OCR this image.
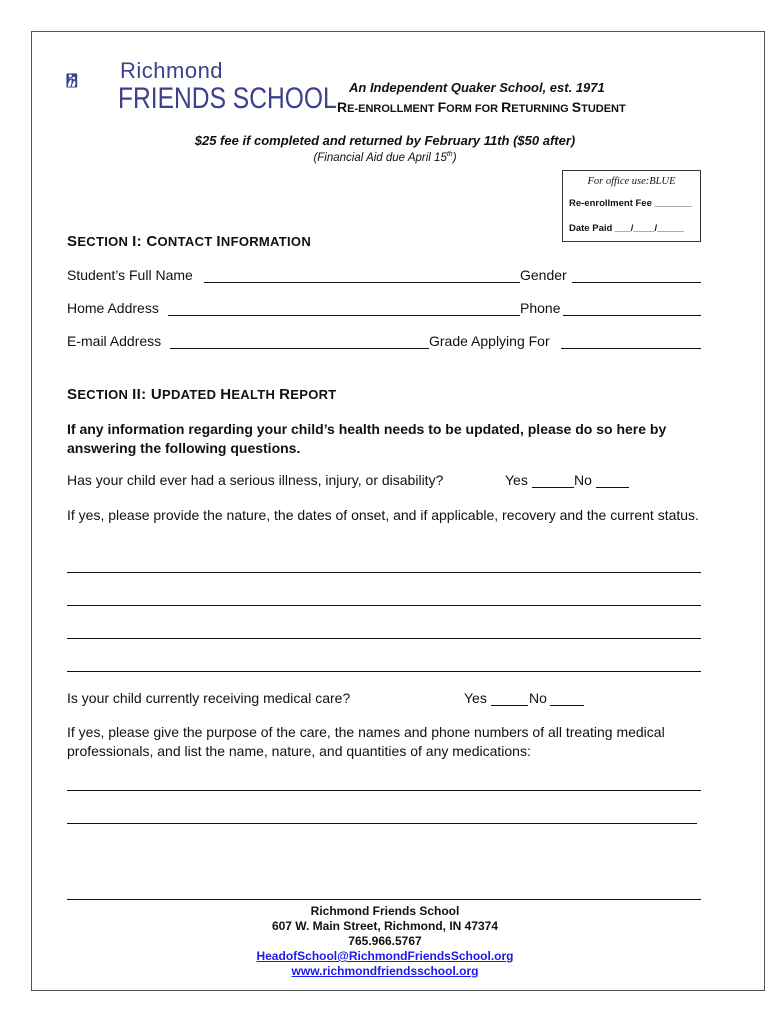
Richmond
FRIENDS SCHOOL An Independent Quaker School, est. 1971
RE-ENROLLMENT FORM FOR RETURNING STUDENT
$25 fee if completed and returned by February 11th ($50 after)
(Financial Aid due April 15th)
For office use:BLUE
Re-enrollment Fee _______
Date Paid ___/____/_____
SECTION I: CONTACT INFORMATION
Student’s Full Name	Gender
Home Address	Phone
E-mail Address	Grade Applying For
SECTION II: UPDATED HEALTH REPORT
If any information regarding your child’s health needs to be updated, please do so here by answering the following questions.
Has your child ever had a serious illness, injury, or disability?	Yes	No
If yes, please provide the nature, the dates of onset, and if applicable, recovery and the current status.
Is your child currently receiving medical care?	Yes	No
If yes, please give the purpose of the care, the names and phone numbers of all treating medical professionals, and list the name, nature, and quantities of any medications:
Richmond Friends School
607 W. Main Street, Richmond, IN 47374
765.966.5767
HeadofSchool@RichmondFriendsSchool.org
www.richmondfriendsschool.org
